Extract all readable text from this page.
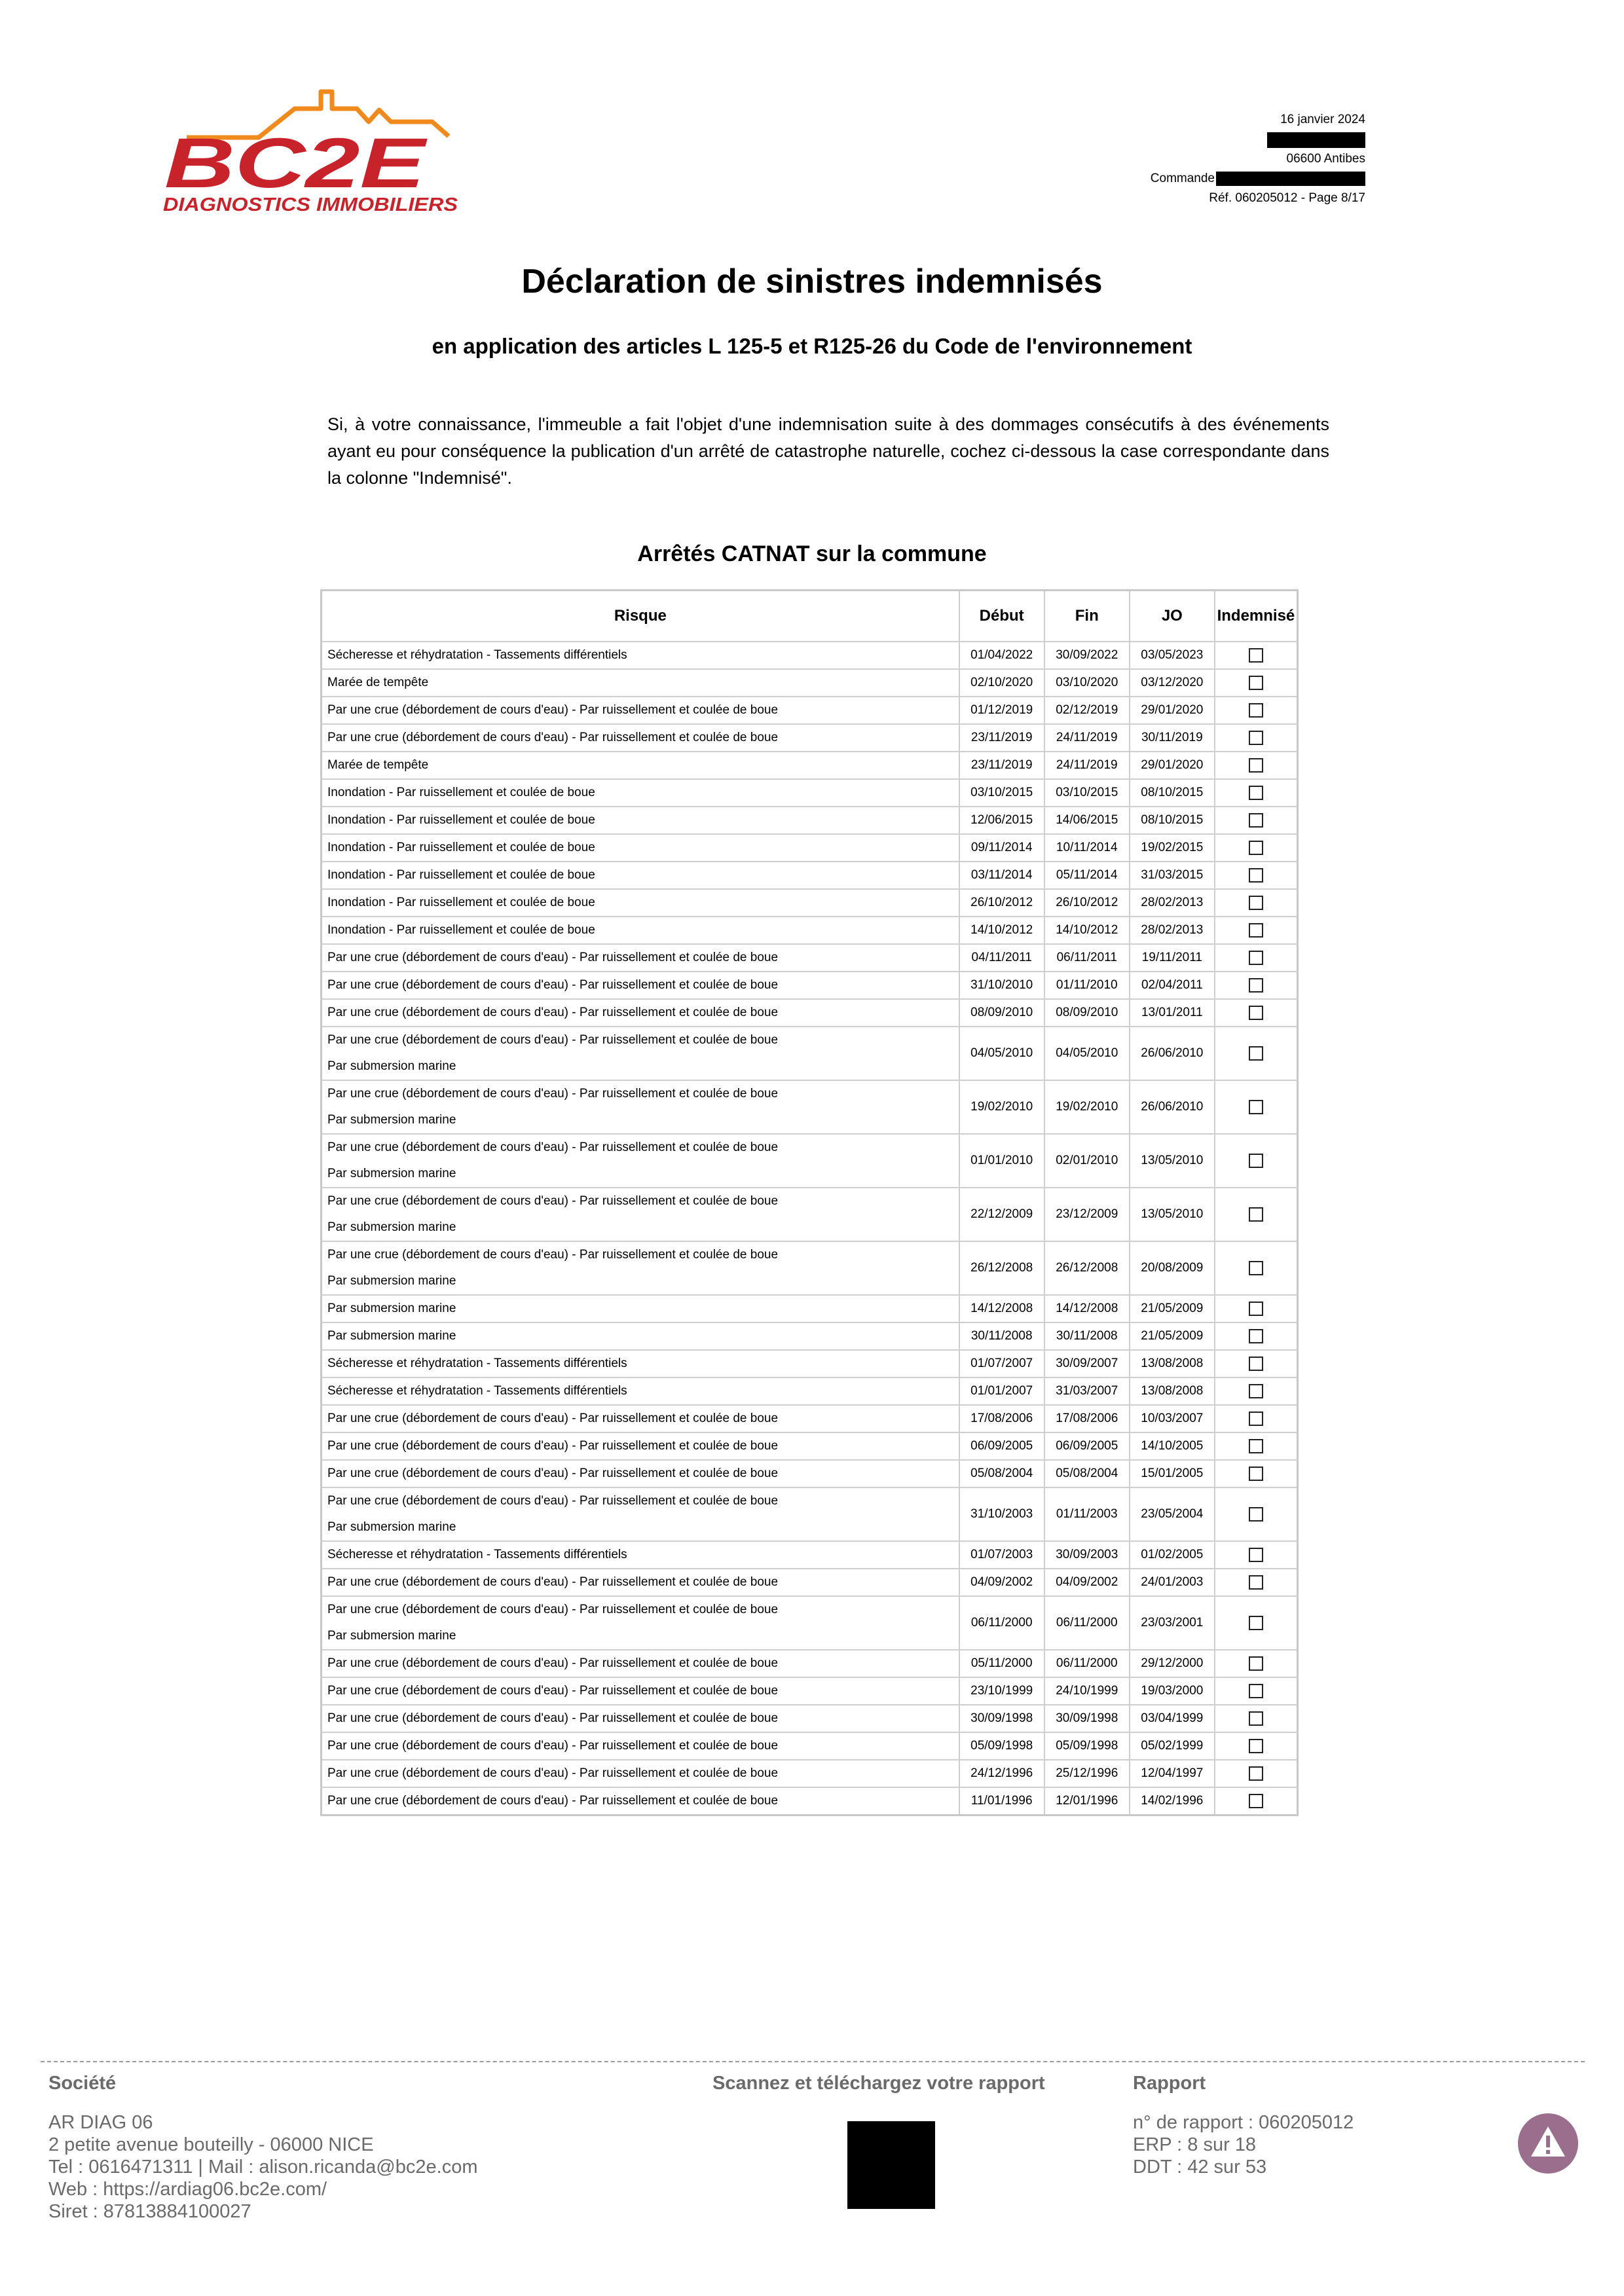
BC2E
DIAGNOSTICS IMMOBILIERS
16 janvier 2024
06600 Antibes
Commande
Réf. 060205012 - Page 8/17
Déclaration de sinistres indemnisés
en application des articles L 125-5 et R125-26 du Code de l'environnement
Si, à votre connaissance, l'immeuble a fait l'objet d'une indemnisation suite à des dommages consécutifs à des événements ayant eu pour conséquence la publication d'un arrêté de catastrophe naturelle, cochez ci-dessous la case correspondante dans la colonne "Indemnisé".
Arrêtés CATNAT sur la commune
Risque	Début	Fin	JO	Indemnisé

Sécheresse et réhydratation - Tassements différentiels	01/04/2022	30/09/2022	03/05/2023	

Marée de tempête	02/10/2020	03/10/2020	03/12/2020	

Par une crue (débordement de cours d'eau) - Par ruissellement et coulée de boue	01/12/2019	02/12/2019	29/01/2020	

Par une crue (débordement de cours d'eau) - Par ruissellement et coulée de boue	23/11/2019	24/11/2019	30/11/2019	

Marée de tempête	23/11/2019	24/11/2019	29/01/2020	

Inondation - Par ruissellement et coulée de boue	03/10/2015	03/10/2015	08/10/2015	

Inondation - Par ruissellement et coulée de boue	12/06/2015	14/06/2015	08/10/2015	

Inondation - Par ruissellement et coulée de boue	09/11/2014	10/11/2014	19/02/2015	

Inondation - Par ruissellement et coulée de boue	03/11/2014	05/11/2014	31/03/2015	

Inondation - Par ruissellement et coulée de boue	26/10/2012	26/10/2012	28/02/2013	

Inondation - Par ruissellement et coulée de boue	14/10/2012	14/10/2012	28/02/2013	

Par une crue (débordement de cours d'eau) - Par ruissellement et coulée de boue	04/11/2011	06/11/2011	19/11/2011	

Par une crue (débordement de cours d'eau) - Par ruissellement et coulée de boue	31/10/2010	01/11/2010	02/04/2011	

Par une crue (débordement de cours d'eau) - Par ruissellement et coulée de boue	08/09/2010	08/09/2010	13/01/2011	

Par une crue (débordement de cours d'eau) - Par ruissellement et coulée de boue
Par submersion marine	04/05/2010	04/05/2010	26/06/2010	

Par une crue (débordement de cours d'eau) - Par ruissellement et coulée de boue
Par submersion marine	19/02/2010	19/02/2010	26/06/2010	

Par une crue (débordement de cours d'eau) - Par ruissellement et coulée de boue
Par submersion marine	01/01/2010	02/01/2010	13/05/2010	

Par une crue (débordement de cours d'eau) - Par ruissellement et coulée de boue
Par submersion marine	22/12/2009	23/12/2009	13/05/2010	

Par une crue (débordement de cours d'eau) - Par ruissellement et coulée de boue
Par submersion marine	26/12/2008	26/12/2008	20/08/2009	

Par submersion marine	14/12/2008	14/12/2008	21/05/2009	

Par submersion marine	30/11/2008	30/11/2008	21/05/2009	

Sécheresse et réhydratation - Tassements différentiels	01/07/2007	30/09/2007	13/08/2008	

Sécheresse et réhydratation - Tassements différentiels	01/01/2007	31/03/2007	13/08/2008	

Par une crue (débordement de cours d'eau) - Par ruissellement et coulée de boue	17/08/2006	17/08/2006	10/03/2007	

Par une crue (débordement de cours d'eau) - Par ruissellement et coulée de boue	06/09/2005	06/09/2005	14/10/2005	

Par une crue (débordement de cours d'eau) - Par ruissellement et coulée de boue	05/08/2004	05/08/2004	15/01/2005	

Par une crue (débordement de cours d'eau) - Par ruissellement et coulée de boue
Par submersion marine	31/10/2003	01/11/2003	23/05/2004	

Sécheresse et réhydratation - Tassements différentiels	01/07/2003	30/09/2003	01/02/2005	

Par une crue (débordement de cours d'eau) - Par ruissellement et coulée de boue	04/09/2002	04/09/2002	24/01/2003	

Par une crue (débordement de cours d'eau) - Par ruissellement et coulée de boue
Par submersion marine	06/11/2000	06/11/2000	23/03/2001	

Par une crue (débordement de cours d'eau) - Par ruissellement et coulée de boue	05/11/2000	06/11/2000	29/12/2000	

Par une crue (débordement de cours d'eau) - Par ruissellement et coulée de boue	23/10/1999	24/10/1999	19/03/2000	

Par une crue (débordement de cours d'eau) - Par ruissellement et coulée de boue	30/09/1998	30/09/1998	03/04/1999	

Par une crue (débordement de cours d'eau) - Par ruissellement et coulée de boue	05/09/1998	05/09/1998	05/02/1999	

Par une crue (débordement de cours d'eau) - Par ruissellement et coulée de boue	24/12/1996	25/12/1996	12/04/1997	

Par une crue (débordement de cours d'eau) - Par ruissellement et coulée de boue	11/01/1996	12/01/1996	14/02/1996	
Société
AR DIAG 06
2 petite avenue bouteilly - 06000 NICE
Tel : 0616471311 | Mail : alison.ricanda@bc2e.com
Web : https://ardiag06.bc2e.com/
Siret : 87813884100027
Scannez et téléchargez votre rapport	Rapport
n° de rapport : 060205012
ERP : 8 sur 18
DDT : 42 sur 53
